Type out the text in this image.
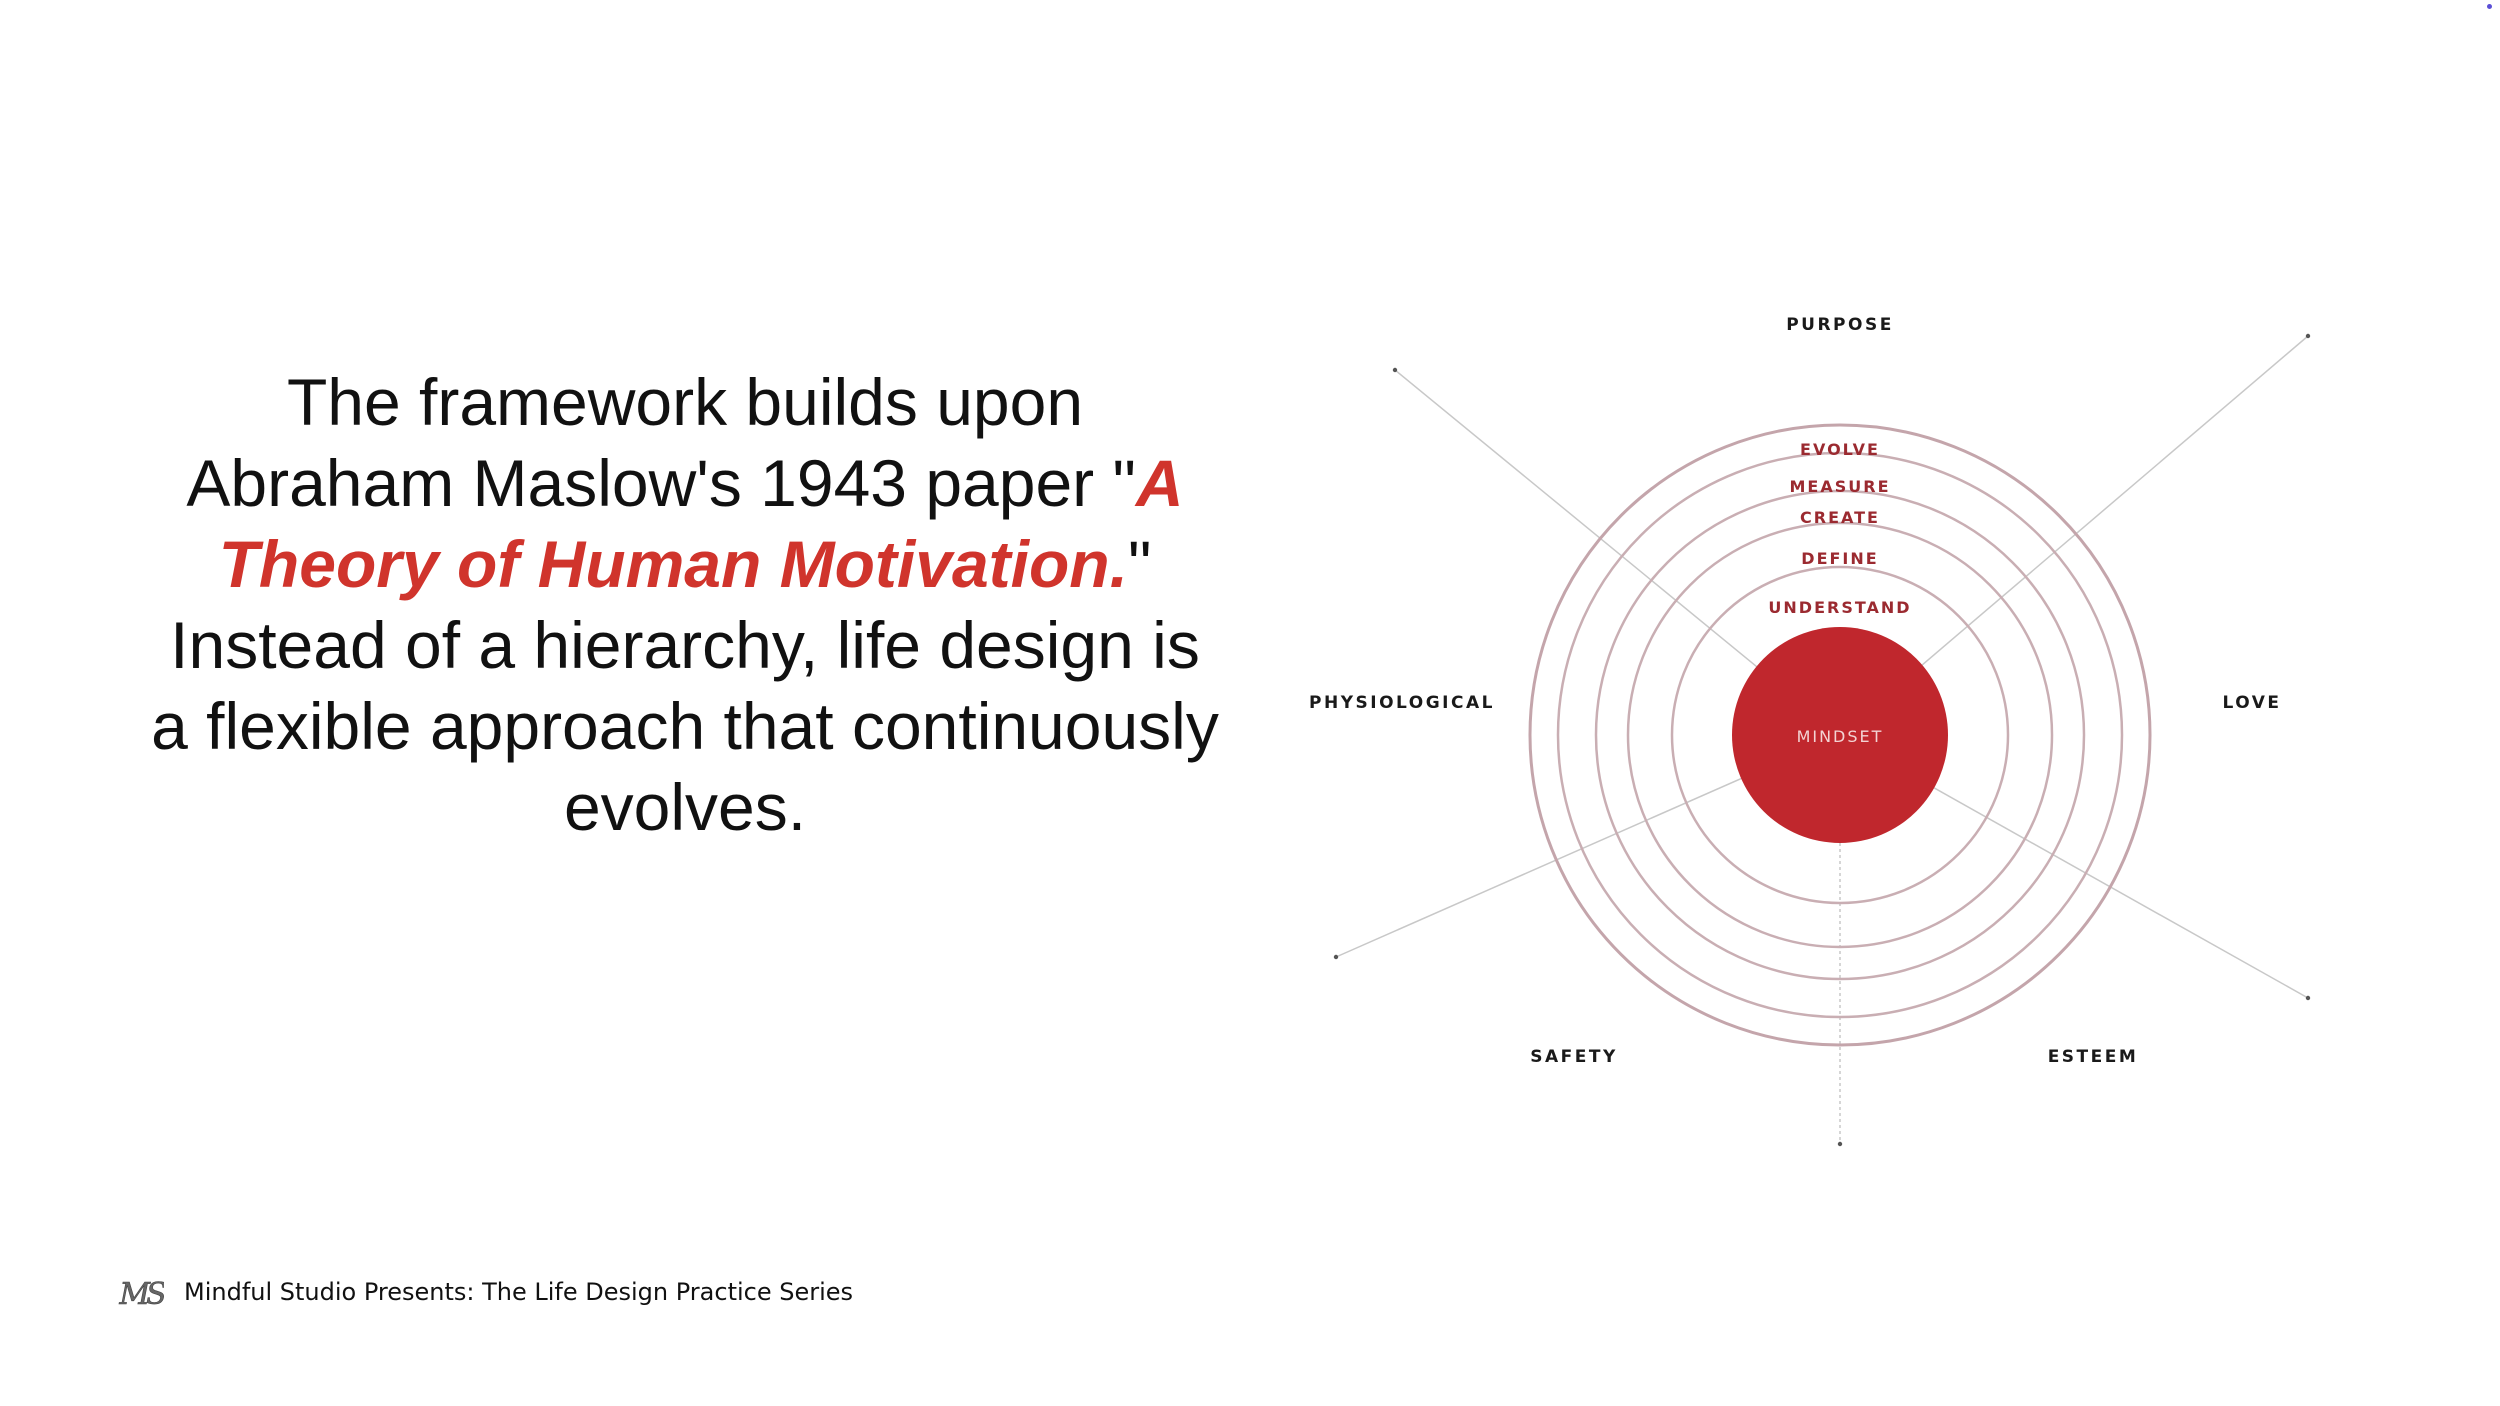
The framework builds upon Abraham Maslow's 1943 paper "A Theory of Human Motivation." Instead of a hierarchy, life design is a flexible approach that continuously evolves.

MINDSET
UNDERSTAND
DEFINE
CREATE
MEASURE
EVOLVE
PURPOSE
LOVE
ESTEEM
SAFETY
PHYSIOLOGICAL
MS Mindful Studio Presents: The Life Design Practice Series
